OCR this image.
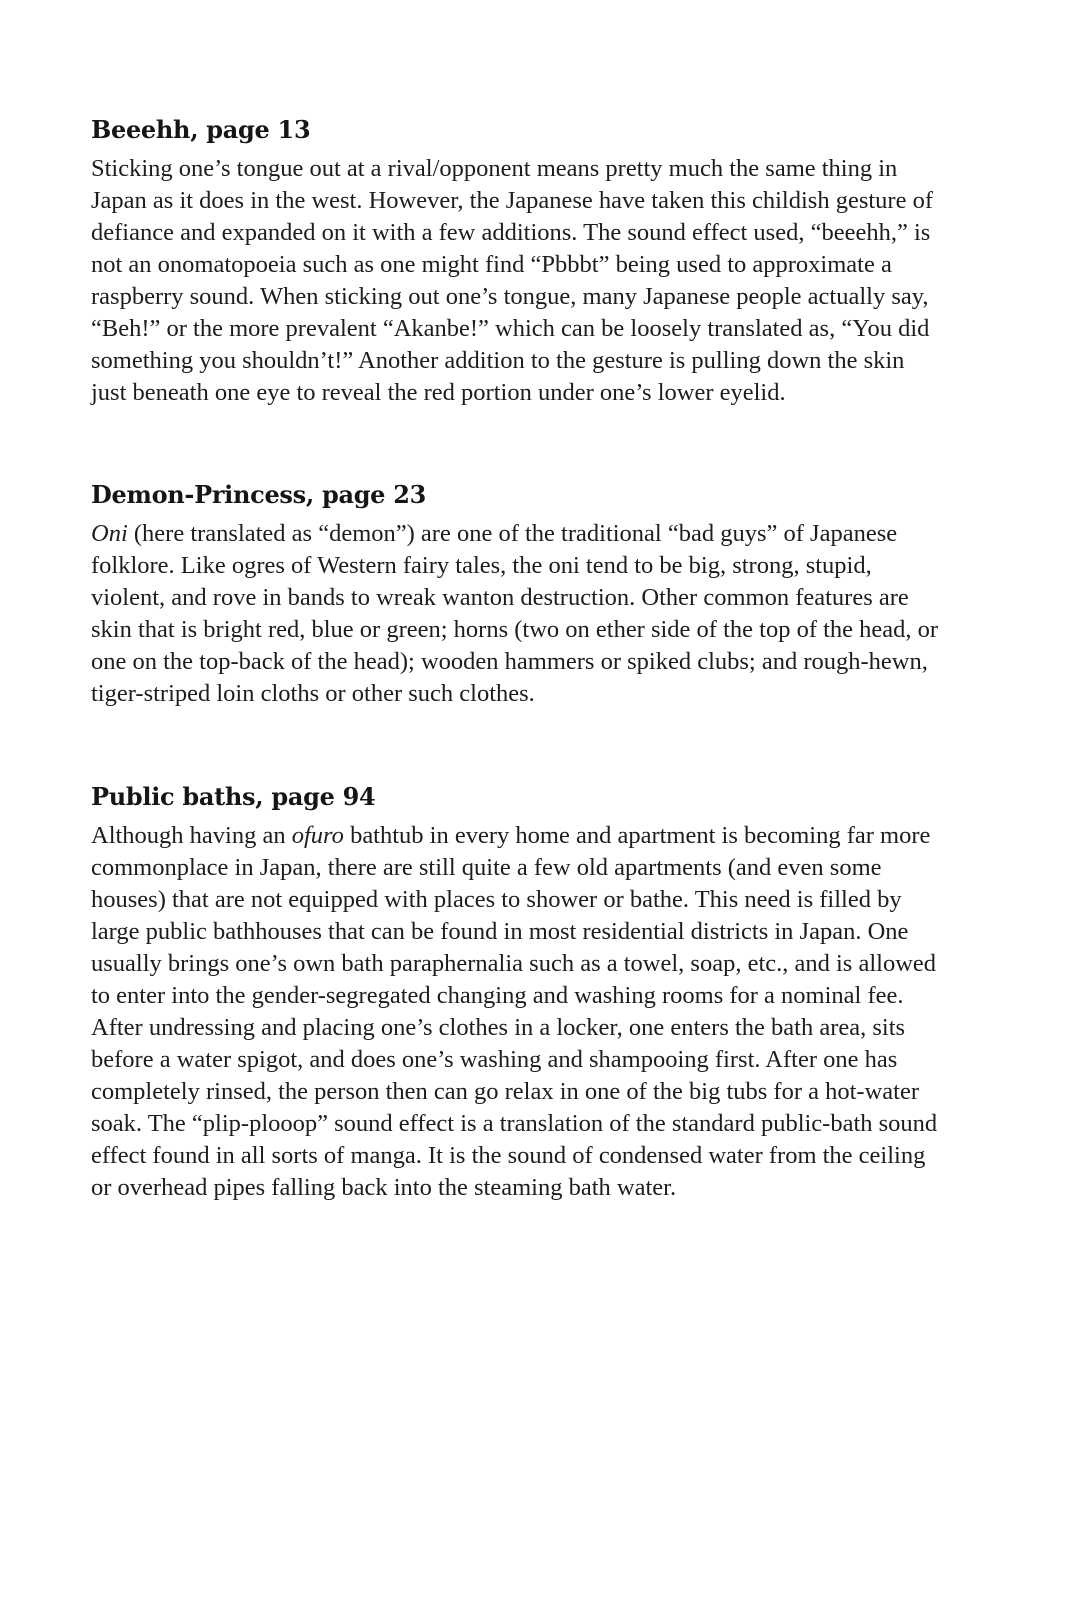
Beeehh, page 13

Sticking one’s tongue out at a rival/opponent means pretty much the same thing in Japan as it does in the west. However, the Japanese have taken this childish gesture of defiance and expanded on it with a few additions. The sound effect used, “beeehh,” is not an onomatopoeia such as one might find “Pbbbt” being used to approximate a raspberry sound. When sticking out one’s tongue, many Japanese people actually say, “Beh!” or the more prevalent “Akanbe!” which can be loosely translated as, “You did something you shouldn’t!” Another addition to the gesture is pulling down the skin just beneath one eye to reveal the red portion under one’s lower eyelid.

Demon-Princess, page 23

Oni (here translated as “demon”) are one of the traditional “bad guys” of Japanese folklore. Like ogres of Western fairy tales, the oni tend to be big, strong, stupid, violent, and rove in bands to wreak wanton destruction. Other common features are skin that is bright red, blue or green; horns (two on ether side of the top of the head, or one on the top-back of the head); wooden hammers or spiked clubs; and rough-hewn, tiger-striped loin cloths or other such clothes.

Public baths, page 94

Although having an ofuro bathtub in every home and apartment is becoming far more commonplace in Japan, there are still quite a few old apartments (and even some houses) that are not equipped with places to shower or bathe. This need is filled by large public bathhouses that can be found in most residential districts in Japan. One usually brings one’s own bath paraphernalia such as a towel, soap, etc., and is allowed to enter into the gender-segregated changing and washing rooms for a nominal fee. After undressing and placing one’s clothes in a locker, one enters the bath area, sits before a water spigot, and does one’s washing and shampooing first. After one has completely rinsed, the person then can go relax in one of the big tubs for a hot-water soak. The “plip-plooop” sound effect is a translation of the standard public-bath sound effect found in all sorts of manga. It is the sound of condensed water from the ceiling or overhead pipes falling back into the steaming bath water.
